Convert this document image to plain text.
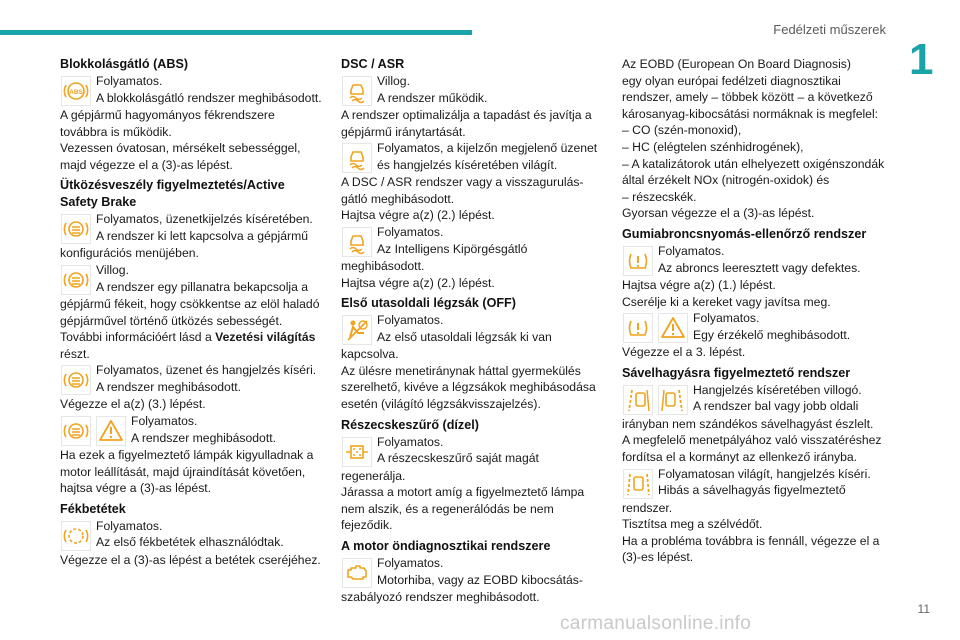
Fedélzeti műszerek
1
Blokkolásgátló (ABS)
ABS

Folyamatos.

A blokkolásgátló rendszer meghibásodott.

A gépjármű hagyományos fékrendszere

továbbra is működik.

Vezessen óvatosan, mérsékelt sebességgel,

majd végezze el a (3)-as lépést.

Ütközésveszély figyelmeztetés/Active
Safety Brake

Folyamatos, üzenetkijelzés kíséretében.

A rendszer ki lett kapcsolva a gépjármű

konfigurációs menüjében.

Villog.

A rendszer egy pillanatra bekapcsolja a

gépjármű fékeit, hogy csökkentse az elöl haladó

gépjárművel történő ütközés sebességét.

További információért lásd a Vezetési világítás

részt.

Folyamatos, üzenet és hangjelzés kíséri.

A rendszer meghibásodott.

Végezze el a(z) (3.) lépést.

Folyamatos.

A rendszer meghibásodott.

Ha ezek a figyelmeztető lámpák kigyulladnak a

motor leállítását, majd újraindítását követően,

hajtsa végre a (3)-as lépést.

Fékbetétek

Folyamatos.

Az első fékbetétek elhasználódtak.

Végezze el a (3)-as lépést a betétek cseréjéhez.

DSC / ASR

Villog.

A rendszer működik.

A rendszer optimalizálja a tapadást és javítja a

gépjármű iránytartását.

Folyamatos, a kijelzőn megjelenő üzenet

és hangjelzés kíséretében világít.

A DSC / ASR rendszer vagy a visszagurulás-

gátló meghibásodott.

Hajtsa végre a(z) (2.) lépést.

Folyamatos.

Az Intelligens Kipörgésgátló

meghibásodott.

Hajtsa végre a(z) (2.) lépést.

Első utasoldali légzsák (OFF)

Folyamatos.

Az első utasoldali légzsák ki van

kapcsolva.

Az ülésre menetiránynak háttal gyermekülés

szerelhető, kivéve a légzsákok meghibásodása

esetén (világító légzsákvisszajelzés).

Részecskeszűrő (dízel)

Folyamatos.

A részecskeszűrő saját magát

regenerálja.

Járassa a motort amíg a figyelmeztető lámpa

nem alszik, és a regenerálódás be nem

fejeződik.

A motor öndiagnosztikai rendszere

Folyamatos.

Motorhiba, vagy az EOBD kibocsátás-

szabályozó rendszer meghibásodott.

Az EOBD (European On Board Diagnosis)

egy olyan európai fedélzeti diagnosztikai

rendszer, amely – többek között – a következő

károsanyag-kibocsátási normáknak is megfelel:

– CO (szén-monoxid),

– HC (elégtelen szénhidrogének),

– A katalizátorok után elhelyezett oxigénszondák

által érzékelt NOx (nitrogén-oxidok) és

– részecskék.

Gyorsan végezze el a (3)-as lépést.

Gumiabroncsnyomás-ellenőrző rendszer

Folyamatos.

Az abroncs leeresztett vagy defektes.

Hajtsa végre a(z) (1.) lépést.

Cserélje ki a kereket vagy javítsa meg.

Folyamatos.

Egy érzékelő meghibásodott.

Végezze el a 3. lépést.

Sávelhagyásra figyelmeztető rendszer

Hangjelzés kíséretében villogó.

A rendszer bal vagy jobb oldali

irányban nem szándékos sávelhagyást észlelt.

A megfelelő menetpályához való visszatéréshez

fordítsa el a kormányt az ellenkező irányba.

Folyamatosan világít, hangjelzés kíséri.

Hibás a sávelhagyás figyelmeztető

rendszer.

Tisztítsa meg a szélvédőt.

Ha a probléma továbbra is fennáll, végezze el a

(3)-es lépést.

11
carmanualsonline.info
